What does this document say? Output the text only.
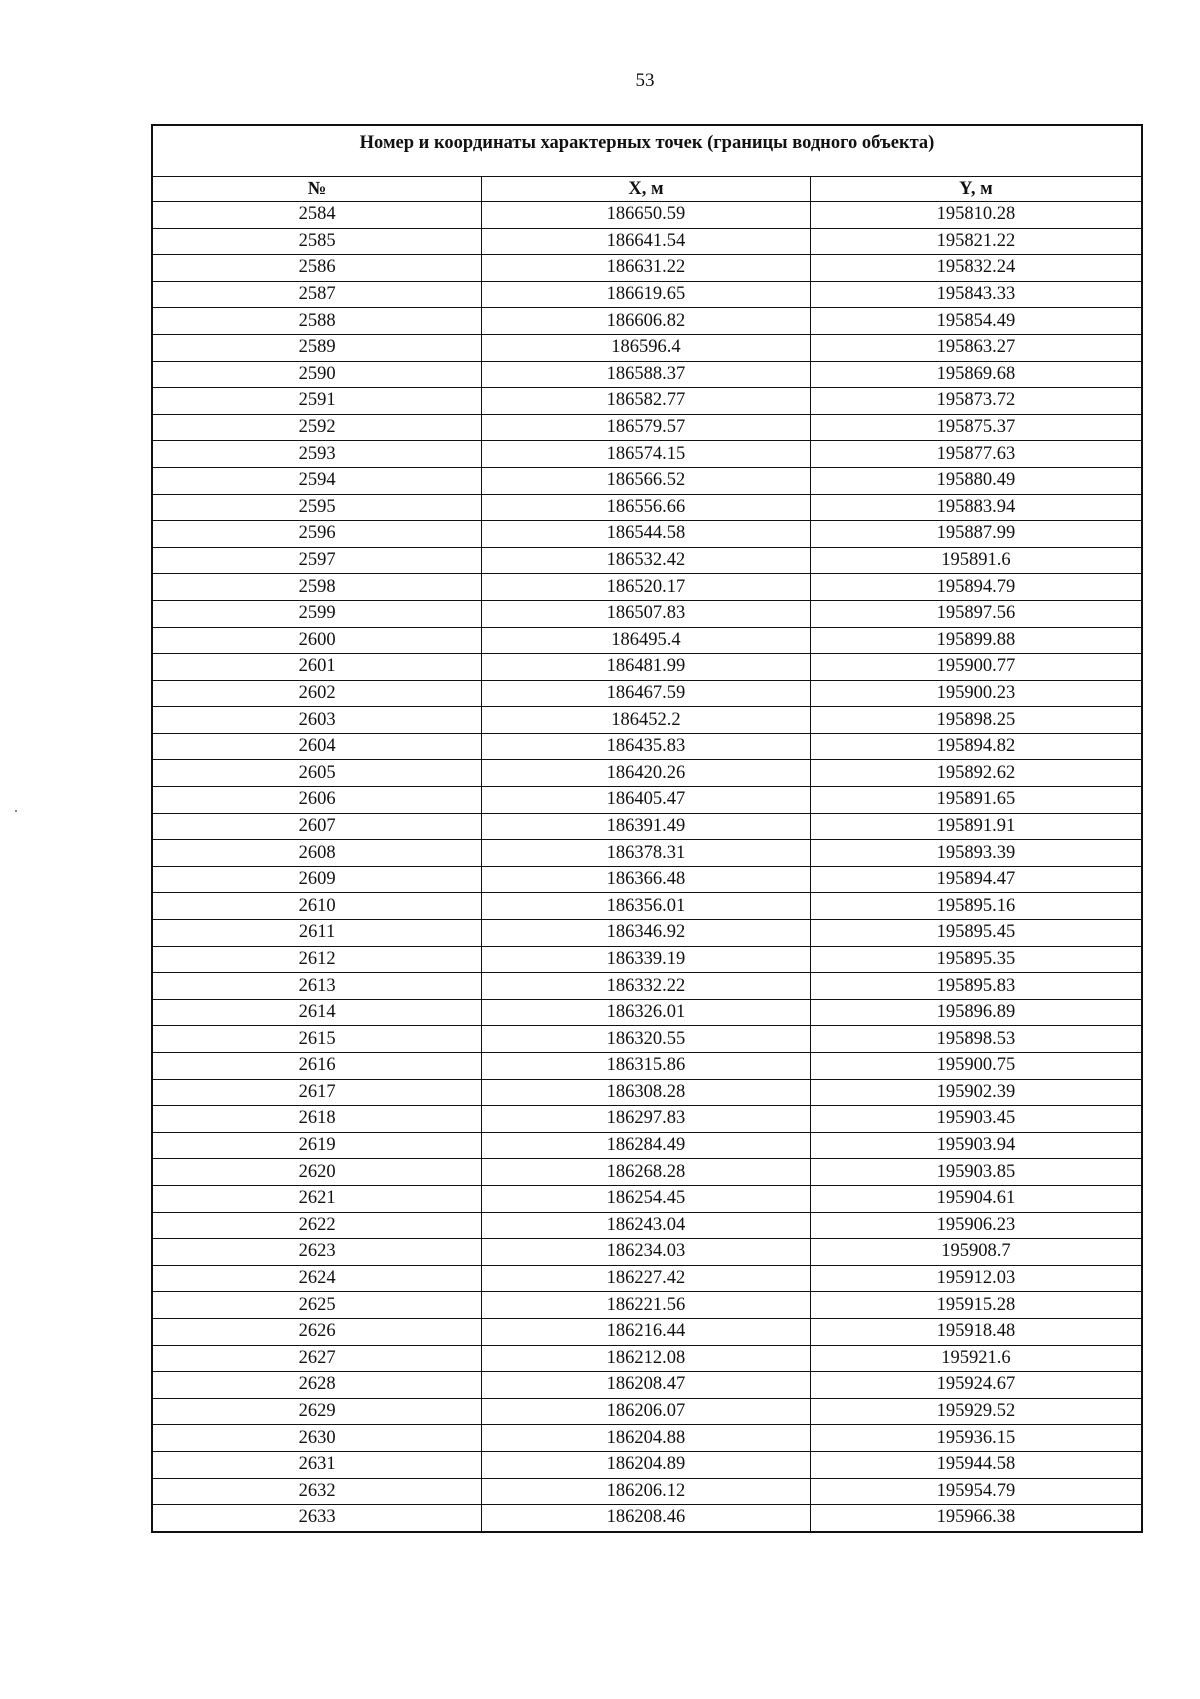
53
Номер и координаты характерных точек (границы водного объекта)		
№	X, м	Y, м
2584	186650.59	195810.28
2585	186641.54	195821.22
2586	186631.22	195832.24
2587	186619.65	195843.33
2588	186606.82	195854.49
2589	186596.4	195863.27
2590	186588.37	195869.68
2591	186582.77	195873.72
2592	186579.57	195875.37
2593	186574.15	195877.63
2594	186566.52	195880.49
2595	186556.66	195883.94
2596	186544.58	195887.99
2597	186532.42	195891.6
2598	186520.17	195894.79
2599	186507.83	195897.56
2600	186495.4	195899.88
2601	186481.99	195900.77
2602	186467.59	195900.23
2603	186452.2	195898.25
2604	186435.83	195894.82
2605	186420.26	195892.62
2606	186405.47	195891.65
2607	186391.49	195891.91
2608	186378.31	195893.39
2609	186366.48	195894.47
2610	186356.01	195895.16
2611	186346.92	195895.45
2612	186339.19	195895.35
2613	186332.22	195895.83
2614	186326.01	195896.89
2615	186320.55	195898.53
2616	186315.86	195900.75
2617	186308.28	195902.39
2618	186297.83	195903.45
2619	186284.49	195903.94
2620	186268.28	195903.85
2621	186254.45	195904.61
2622	186243.04	195906.23
2623	186234.03	195908.7
2624	186227.42	195912.03
2625	186221.56	195915.28
2626	186216.44	195918.48
2627	186212.08	195921.6
2628	186208.47	195924.67
2629	186206.07	195929.52
2630	186204.88	195936.15
2631	186204.89	195944.58
2632	186206.12	195954.79
2633	186208.46	195966.38
